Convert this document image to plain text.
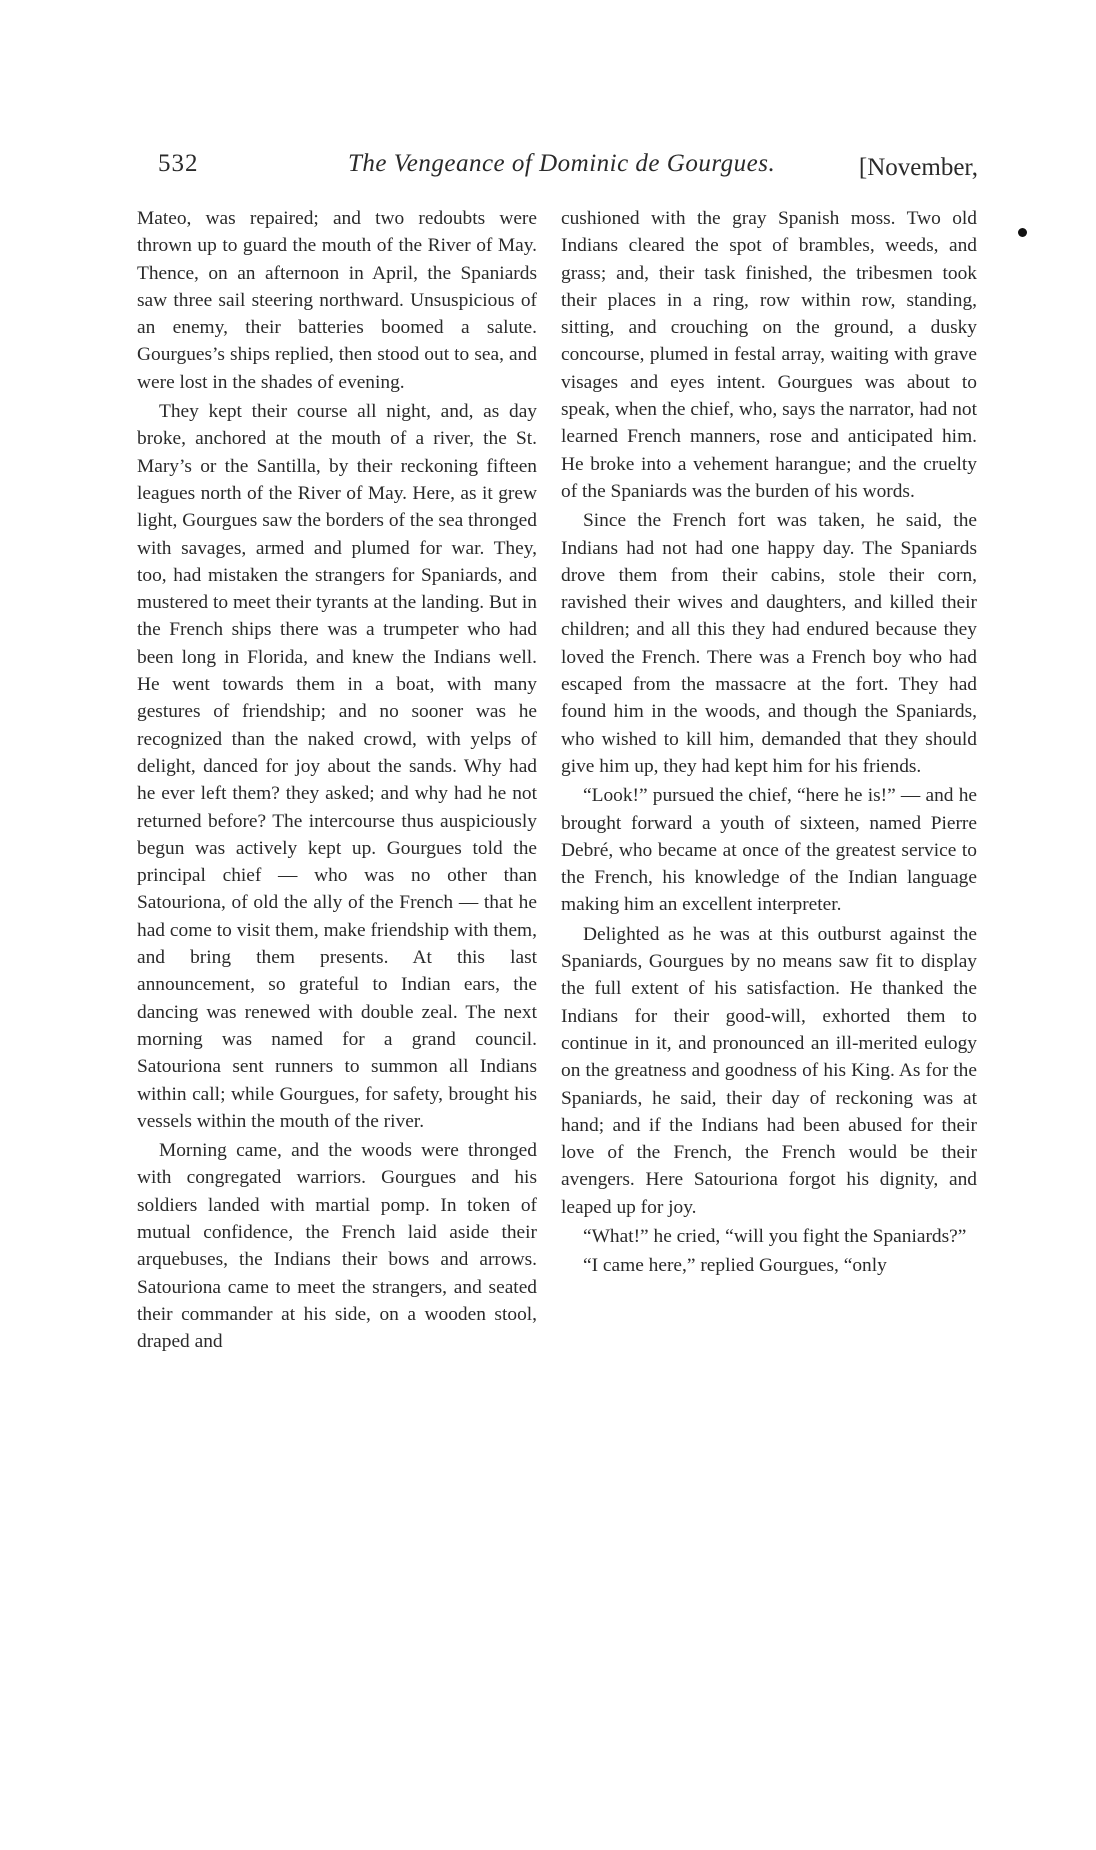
532	The Vengeance of Dominic de Gourgues.	[November,

Mateo, was repaired; and two redoubts were thrown up to guard the mouth of the River of May. Thence, on an afternoon in April, the Spaniards saw three sail steering northward. Unsuspicious of an enemy, their batteries boomed a salute. Gourgues’s ships replied, then stood out to sea, and were lost in the shades of evening.

They kept their course all night, and, as day broke, anchored at the mouth of a river, the St. Mary’s or the Santilla, by their reckoning fifteen leagues north of the River of May. Here, as it grew light, Gourgues saw the borders of the sea thronged with savages, armed and plumed for war. They, too, had mistaken the strangers for Spaniards, and mustered to meet their tyrants at the landing. But in the French ships there was a trumpeter who had been long in Florida, and knew the Indians well. He went towards them in a boat, with many gestures of friendship; and no sooner was he recognized than the naked crowd, with yelps of delight, danced for joy about the sands. Why had he ever left them? they asked; and why had he not returned before? The intercourse thus auspiciously begun was actively kept up. Gourgues told the principal chief — who was no other than Satouriona, of old the ally of the French — that he had come to visit them, make friendship with them, and bring them presents. At this last announcement, so grateful to Indian ears, the dancing was renewed with double zeal. The next morning was named for a grand council. Satouriona sent runners to summon all Indians within call; while Gourgues, for safety, brought his vessels within the mouth of the river.

Morning came, and the woods were thronged with congregated warriors. Gourgues and his soldiers landed with martial pomp. In token of mutual confidence, the French laid aside their arquebuses, the Indians their bows and arrows. Satouriona came to meet the strangers, and seated their commander at his side, on a wooden stool, draped and

cushioned with the gray Spanish moss. Two old Indians cleared the spot of brambles, weeds, and grass; and, their task finished, the tribesmen took their places in a ring, row within row, standing, sitting, and crouching on the ground, a dusky concourse, plumed in festal array, waiting with grave visages and eyes intent. Gourgues was about to speak, when the chief, who, says the narrator, had not learned French manners, rose and anticipated him. He broke into a vehement harangue; and the cruelty of the Spaniards was the burden of his words.

Since the French fort was taken, he said, the Indians had not had one happy day. The Spaniards drove them from their cabins, stole their corn, ravished their wives and daughters, and killed their children; and all this they had endured because they loved the French. There was a French boy who had escaped from the massacre at the fort. They had found him in the woods, and though the Spaniards, who wished to kill him, demanded that they should give him up, they had kept him for his friends.

“Look!” pursued the chief, “here he is!” — and he brought forward a youth of sixteen, named Pierre Debré, who became at once of the greatest service to the French, his knowledge of the Indian language making him an excellent interpreter.

Delighted as he was at this outburst against the Spaniards, Gourgues by no means saw fit to display the full extent of his satisfaction. He thanked the Indians for their good-will, exhorted them to continue in it, and pronounced an ill-merited eulogy on the greatness and goodness of his King. As for the Spaniards, he said, their day of reckoning was at hand; and if the Indians had been abused for their love of the French, the French would be their avengers. Here Satouriona forgot his dignity, and leaped up for joy.

“What!” he cried, “will you fight the Spaniards?”

“I came here,” replied Gourgues, “only
